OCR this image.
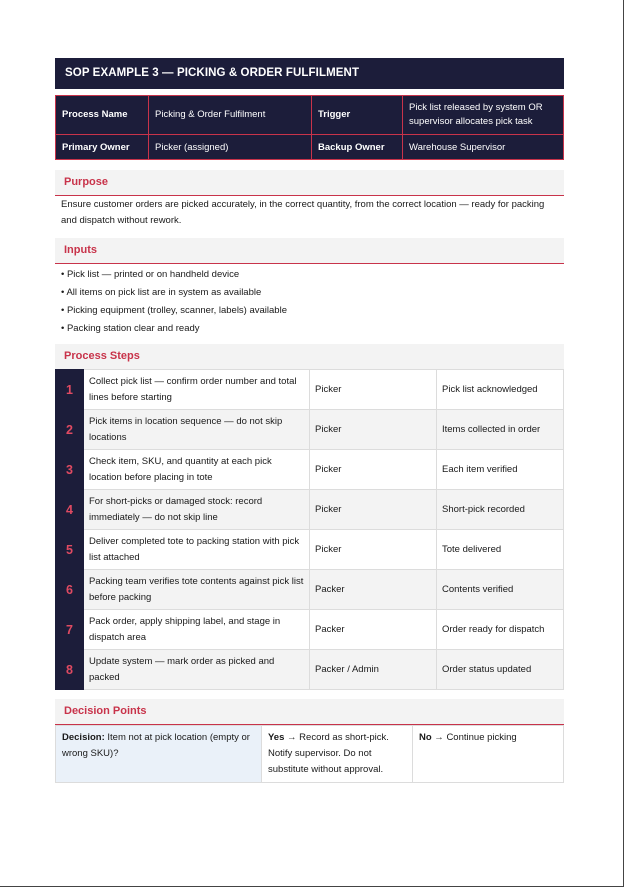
SOP EXAMPLE 3 — PICKING & ORDER FULFILMENT
Process Name	Picking & Order Fulfilment	Trigger	Pick list released by system OR supervisor allocates pick task
Primary Owner	Picker (assigned)	Backup Owner	Warehouse Supervisor
Purpose
Ensure customer orders are picked accurately, in the correct quantity, from the correct location — ready for packing and dispatch without rework.
Inputs
• Pick list — printed or on handheld device
• All items on pick list are in system as available
• Picking equipment (trolley, scanner, labels) available
• Packing station clear and ready
Process Steps
1	Collect pick list — confirm order number and total lines before starting	Picker	Pick list acknowledged
2	Pick items in location sequence — do not skip locations	Picker	Items collected in order
3	Check item, SKU, and quantity at each pick location before placing in tote	Picker	Each item verified
4	For short-picks or damaged stock: record immediately — do not skip line	Picker	Short-pick recorded
5	Deliver completed tote to packing station with pick list attached	Picker	Tote delivered
6	Packing team verifies tote contents against pick list before packing	Packer	Contents verified
7	Pack order, apply shipping label, and stage in dispatch area	Packer	Order ready for dispatch
8	Update system — mark order as picked and packed	Packer / Admin	Order status updated
Decision Points
Decision: Item not at pick location (empty or wrong SKU)?	Yes → Record as short-pick. Notify supervisor. Do not substitute without approval.	No → Continue picking
